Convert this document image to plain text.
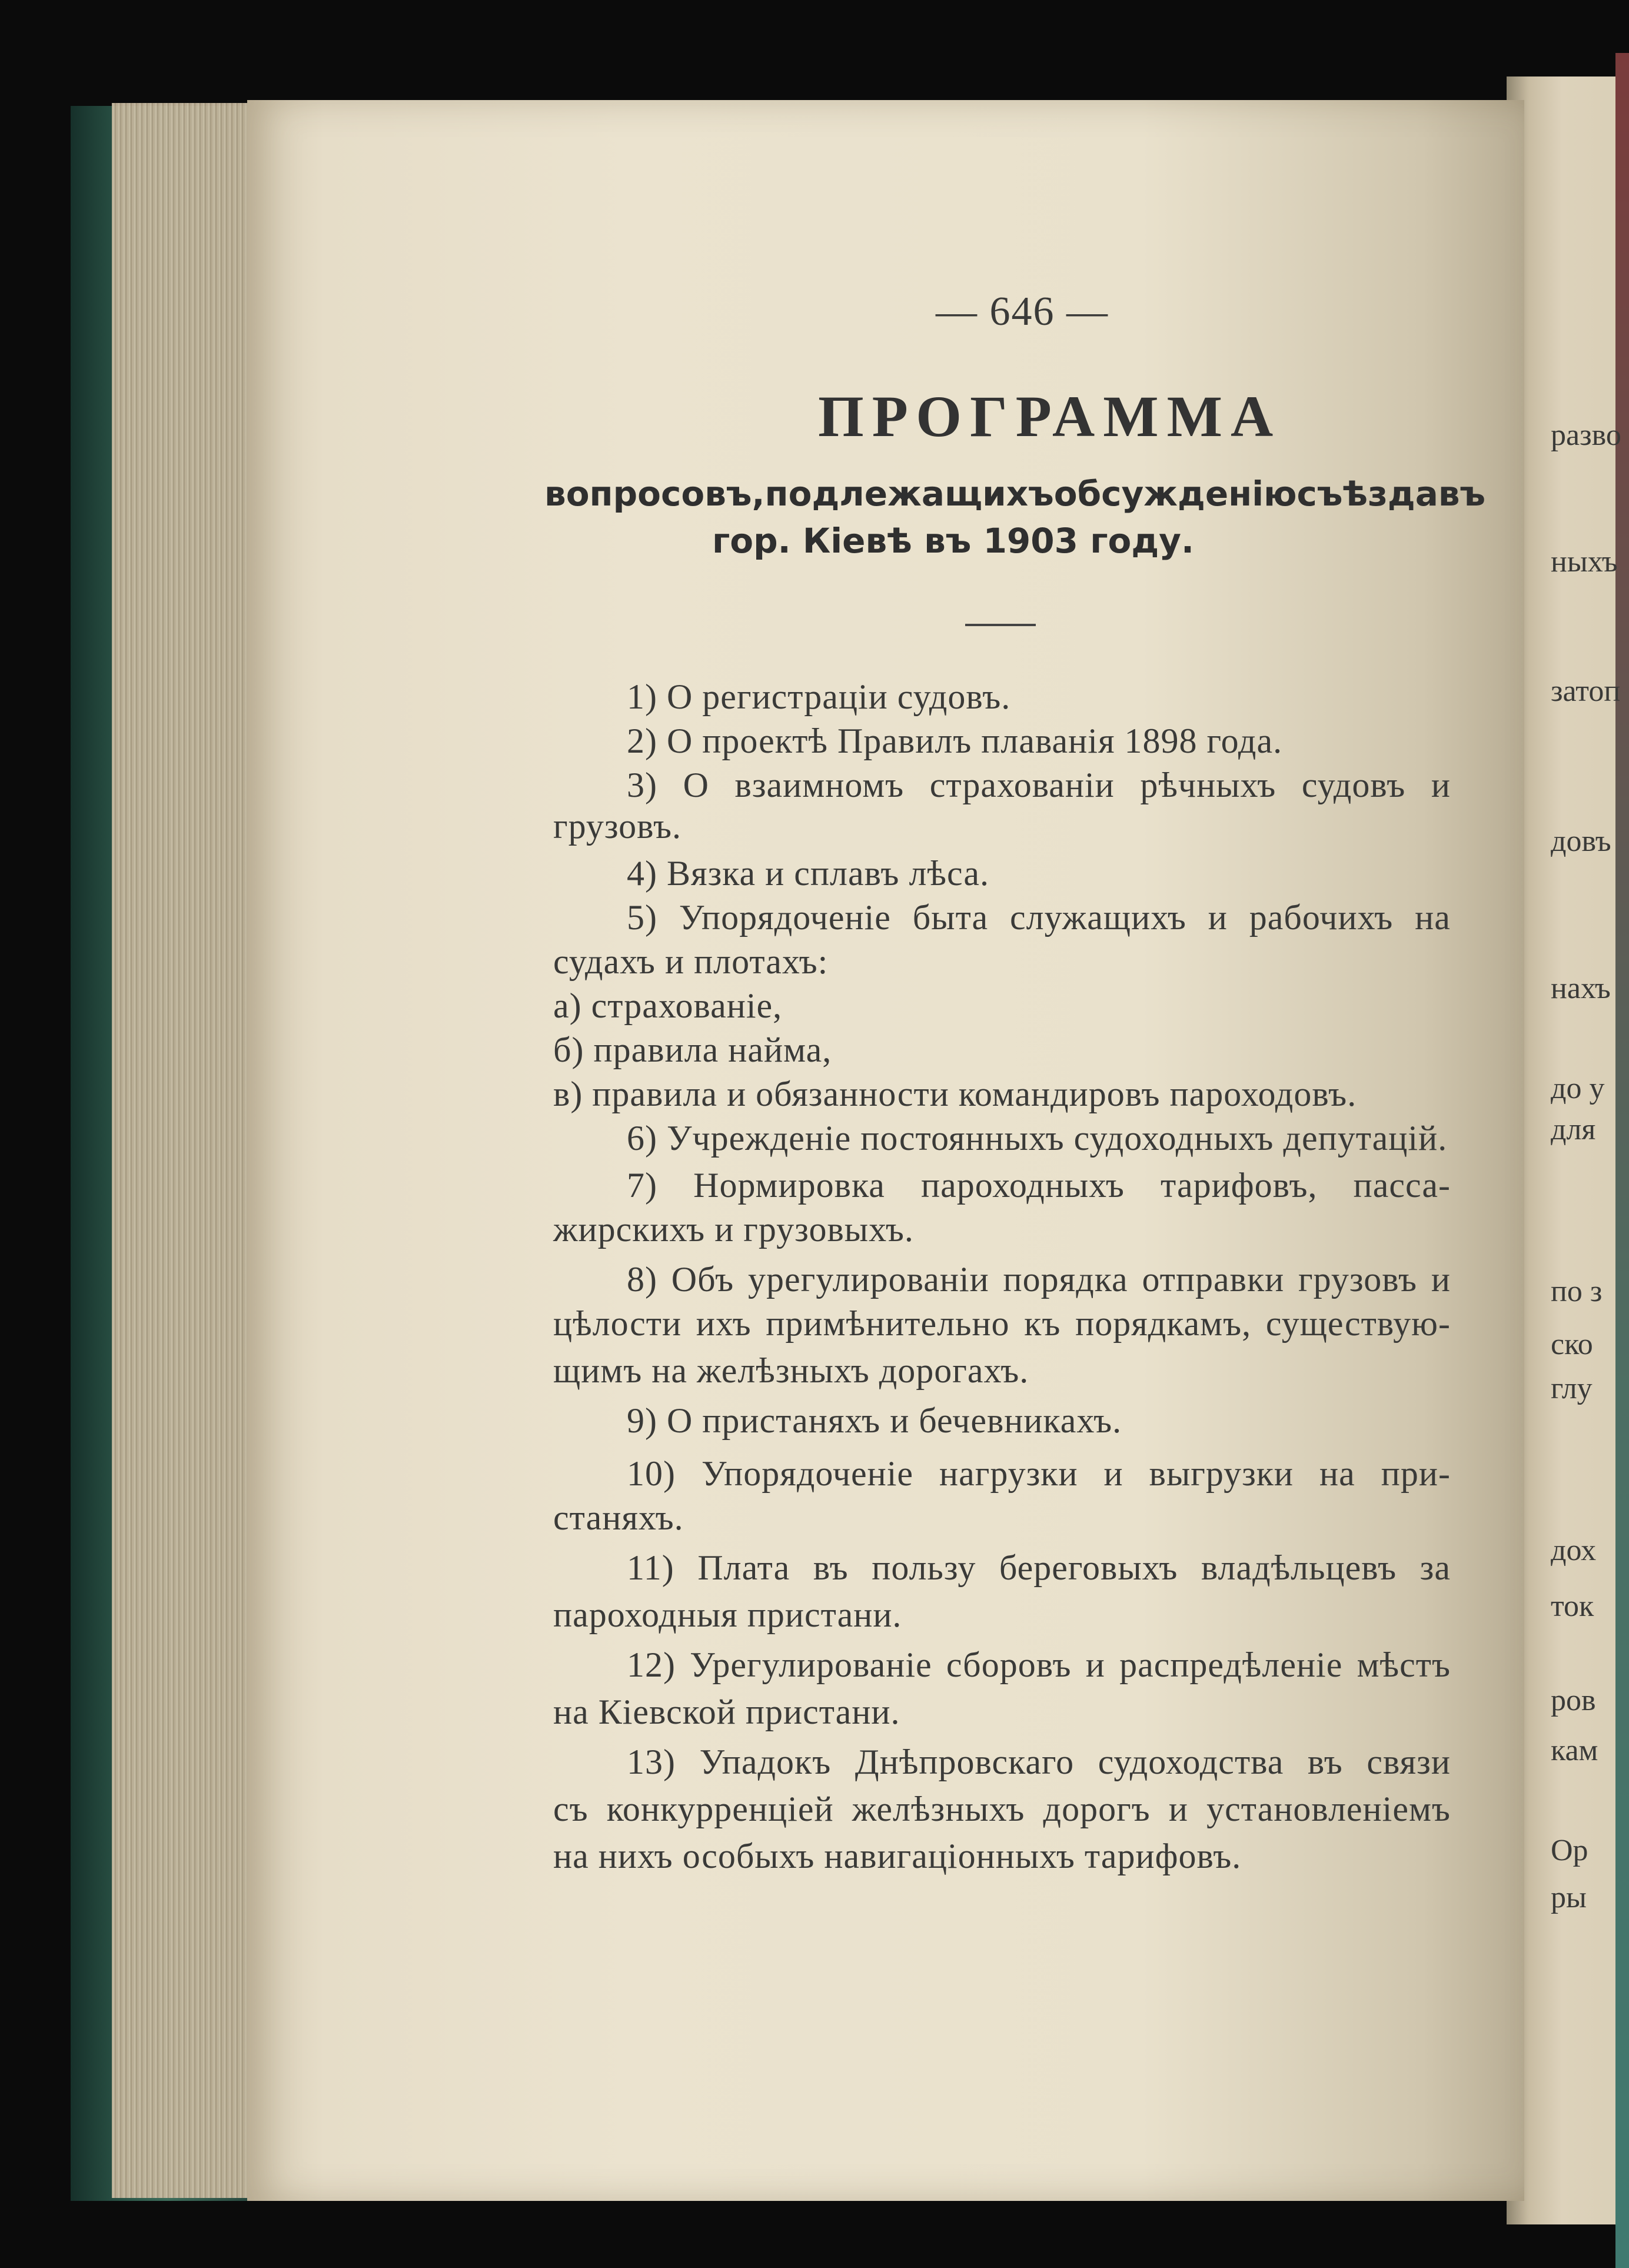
— 646 —
ПРОГРАММА
вопросовъ, подлежащихъ обсужденію съѣзда въ
гор. Кіевѣ въ 1903 году.
1) О регистраціи судовъ.
2) О проектѣ Правилъ плаванія 1898 года.
3) О взаимномъ страхованiи рѣчныхъ судовъ и
грузовъ.
4) Вязка и сплавъ лѣса.
5) Упорядоченіе быта служащихъ и рабочихъ на
судахъ и плотахъ:
а) страхованіе,
б) правила найма,
в) правила и обязанности командировъ пароходовъ.
6) Учрежденіе постоянныхъ судоходныхъ депутацій.
7) Нормировка пароходныхъ тарифовъ, пасса-
жирскихъ и грузовыхъ.
8) Объ урегулированіи порядка отправки грузовъ и
цѣлости ихъ примѣнительно къ порядкамъ, существую-
щимъ на желѣзныхъ дорогахъ.
9) О пристаняхъ и бечевникахъ.
10) Упорядоченіе нагрузки и выгрузки на при-
станяхъ.
11) Плата въ пользу береговыхъ владѣльцевъ за
пароходныя пристани.
12) Урегулированіе сборовъ и распредѣленіе мѣстъ
на Кіевской пристани.
13) Упадокъ Днѣпровскаго судоходства въ связи
съ конкурренціей желѣзныхъ дорогъ и установленіемъ
на нихъ особыхъ навигаціонныхъ тарифовъ.
разво
ныхъ
затоп
довъ
нахъ
до у
для
по з
ско
глу
дох
ток
ров
кам
Ор
ры
